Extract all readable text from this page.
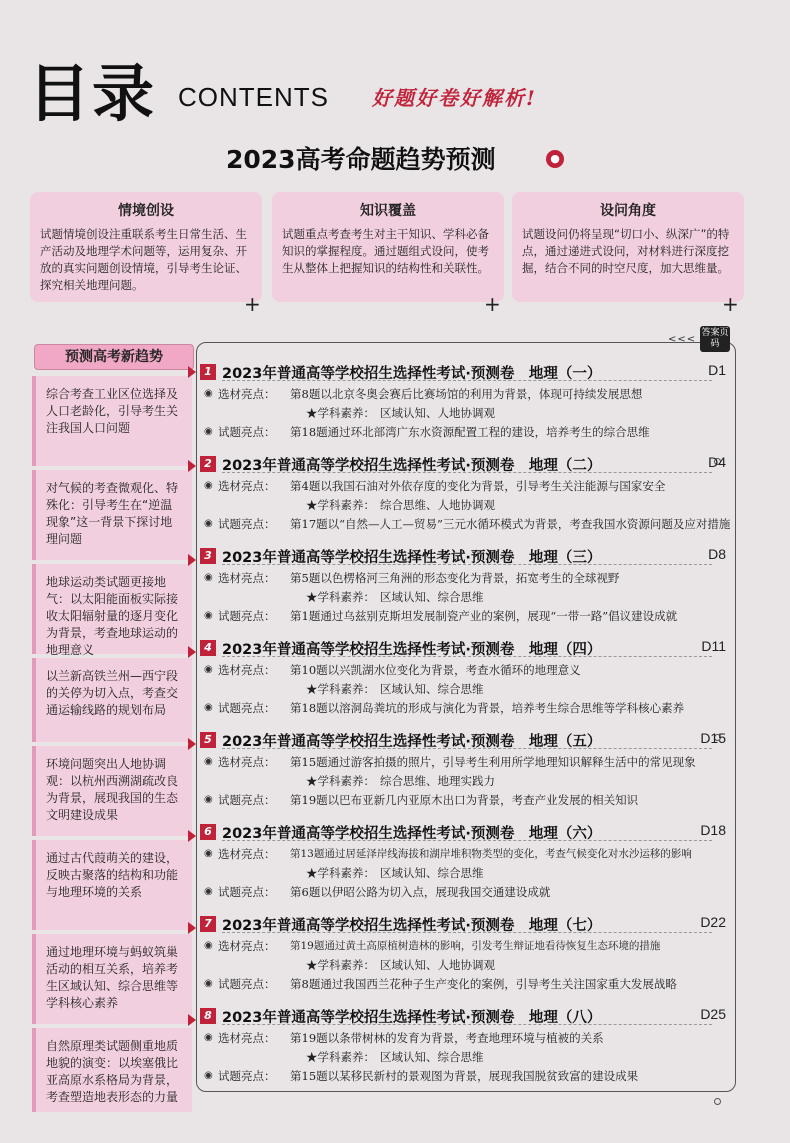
目录 CONTENTS 好题好卷好解析!
2023高考命题趋势预测	●
情境创设
试题情境创设注重联系考生日常生活、生产活动及地理学术问题等，运用复杂、开放的真实问题创设情境，引导考生论证、探究相关地理问题。
+
知识覆盖
试题重点考查考生对主干知识、学科必备知识的掌握程度。通过题组式设问，使考生从整体上把握知识的结构性和关联性。
+
设问角度
试题设问仍将呈现“切口小、纵深广”的特点，通过递进式设问，对材料进行深度挖掘，结合不同的时空尺度，加大思维量。
+
预测高考新趋势
综合考查工业区位选择及人口老龄化，引导考生关注我国人口问题
对气候的考查微观化、特殊化：引导考生在“逆温现象”这一背景下探讨地理问题
地球运动类试题更接地气：以太阳能面板实际接收太阳辐射量的逐月变化为背景，考查地球运动的地理意义
以兰新高铁兰州—西宁段的关停为切入点，考查交通运输线路的规划布局
环境问题突出人地协调观：以杭州西溯湖疏改良为背景，展现我国的生态文明建设成果
通过古代葭萌关的建设，反映古聚落的结构和功能与地理环境的关系
通过地理环境与蚂蚁筑巢活动的相互关系，培养考生区域认知、综合思维等学科核心素养
自然原理类试题侧重地质地貌的演变：以埃塞俄比亚高原水系格局为背景，考查塑造地表形态的力量
<<<
答案页码
1 2023年普通高等学校招生选择性考试·预测卷　地理（一）	D1
◉ 选材亮点： 第8题以北京冬奥会赛后比赛场馆的利用为背景，体现可持续发展思想
★学科素养： 区域认知、人地协调观
◉ 试题亮点： 第18题通过环北部湾广东水资源配置工程的建设，培养考生的综合思维
2 2023年普通高等学校招生选择性考试·预测卷　地理（二）	D4
◉ 选材亮点： 第4题以我国石油对外依存度的变化为背景，引导考生关注能源与国家安全
★学科素养： 综合思维、人地协调观
◉ 试题亮点： 第17题以“自然—人工—贸易”三元水循环模式为背景，考查我国水资源问题及应对措施
3 2023年普通高等学校招生选择性考试·预测卷　地理（三）	D8
◉ 选材亮点： 第5题以色楞格河三角洲的形态变化为背景，拓宽考生的全球视野
★学科素养： 区域认知、综合思维
◉ 试题亮点： 第1题通过乌兹别克斯坦发展制瓷产业的案例，展现“一带一路”倡议建设成就
4 2023年普通高等学校招生选择性考试·预测卷　地理（四）	D11
◉ 选材亮点： 第10题以兴凯湖水位变化为背景，考查水循环的地理意义
★学科素养： 区域认知、综合思维
◉ 试题亮点： 第18题以溶洞岛粪坑的形成与演化为背景，培养考生综合思维等学科核心素养
5 2023年普通高等学校招生选择性考试·预测卷　地理（五）	D15
◉ 选材亮点： 第15题通过游客拍摄的照片，引导考生利用所学地理知识解释生活中的常见现象
★学科素养： 综合思维、地理实践力
◉ 试题亮点： 第19题以巴布亚新几内亚原木出口为背景，考查产业发展的相关知识
6 2023年普通高等学校招生选择性考试·预测卷　地理（六）	D18
◉ 选材亮点： 第13题通过居延泽岸线海拔和湖岸堆积物类型的变化，考查气候变化对水沙运移的影响
★学科素养： 区域认知、综合思维
◉ 试题亮点： 第6题以伊昭公路为切入点，展现我国交通建设成就
7 2023年普通高等学校招生选择性考试·预测卷　地理（七）	D22
◉ 选材亮点： 第19题通过黄土高原植树造林的影响，引发考生辩证地看待恢复生态环境的措施
★学科素养： 区域认知、人地协调观
◉ 试题亮点： 第8题通过我国西兰花种子生产变化的案例，引导考生关注国家重大发展战略
8 2023年普通高等学校招生选择性考试·预测卷　地理（八）	D25
◉ 选材亮点： 第19题以条带树林的发育为背景，考查地理环境与植被的关系
★学科素养： 区域认知、综合思维
◉ 试题亮点： 第15题以某移民新村的景观图为背景，展现我国脱贫致富的建设成果
